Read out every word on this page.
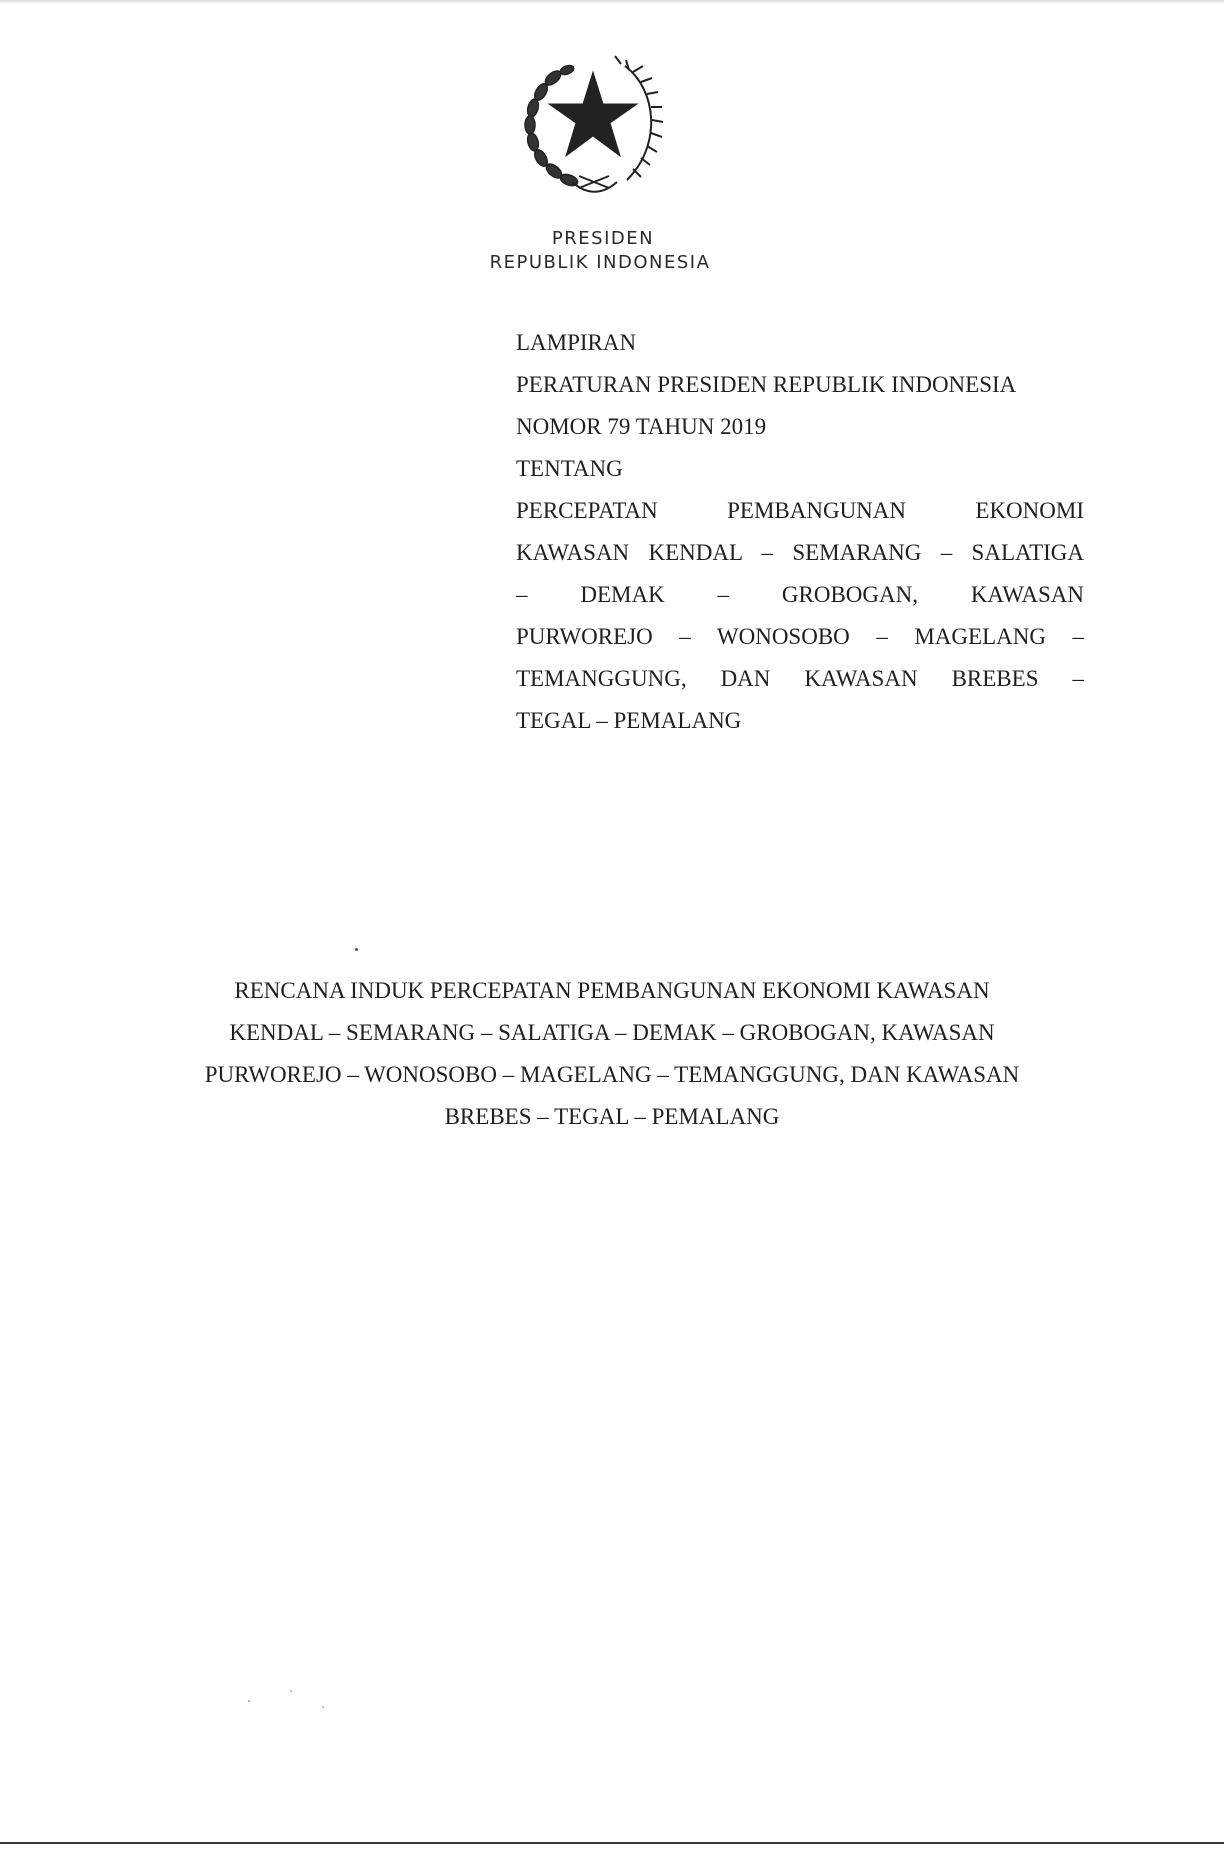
PRESIDEN
REPUBLIK INDONESIA
LAMPIRAN
PERATURAN PRESIDEN REPUBLIK INDONESIA
NOMOR 79 TAHUN 2019
TENTANG
PERCEPATAN PEMBANGUNAN EKONOMI
KAWASAN KENDAL – SEMARANG – SALATIGA
– DEMAK – GROBOGAN, KAWASAN
PURWOREJO – WONOSOBO – MAGELANG –
TEMANGGUNG, DAN KAWASAN BREBES –
TEGAL – PEMALANG
RENCANA INDUK PERCEPATAN PEMBANGUNAN EKONOMI KAWASAN
KENDAL – SEMARANG – SALATIGA – DEMAK – GROBOGAN, KAWASAN
PURWOREJO – WONOSOBO – MAGELANG – TEMANGGUNG, DAN KAWASAN
BREBES – TEGAL – PEMALANG
